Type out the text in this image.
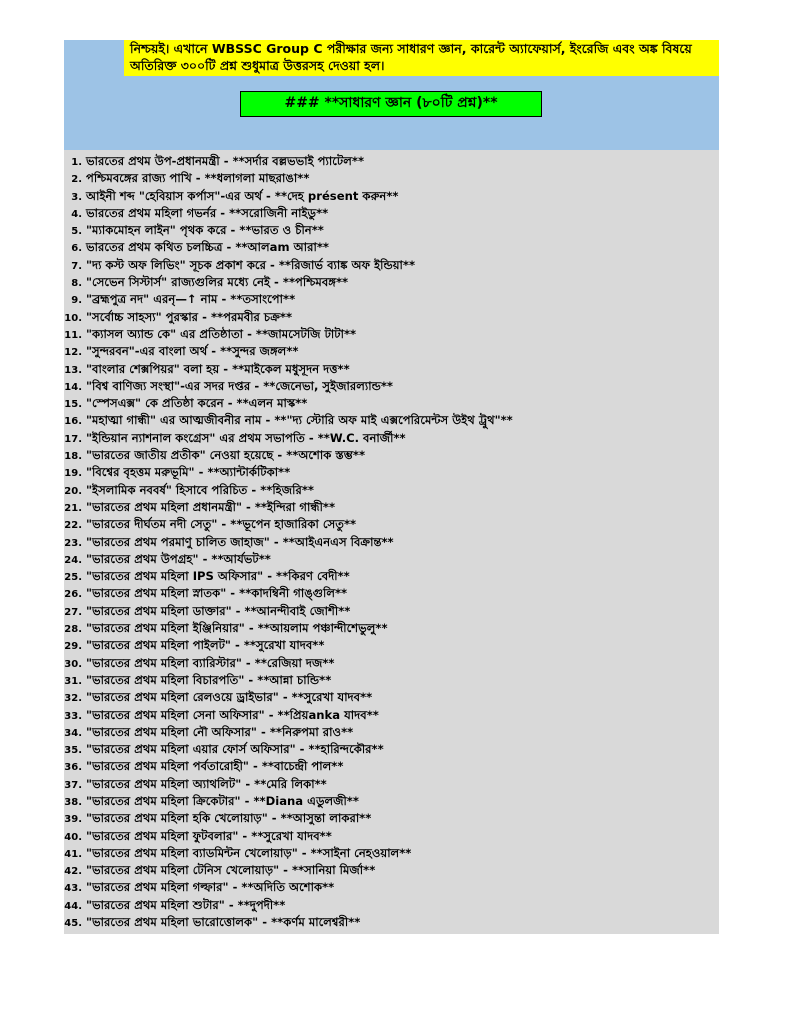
নিশ্চয়ই। এখানে WBSSC Group C পরীক্ষার জন্য সাধারণ জ্ঞান, কারেন্ট অ্যাফেয়ার্স, ইংরেজি এবং অঙ্ক বিষয়ে অতিরিক্ত ৩০০টি প্রশ্ন শুধুমাত্র উত্তরসহ দেওয়া হল।
### **সাধারণ জ্ঞান (৮০টি প্রশ্ন)**
1. ভারতের প্রথম উপ-প্রধানমন্ত্রী - **সর্দার বল্লভভাই প্যাটেল**
2. পশ্চিমবঙ্গের রাজ্য পাখি - **ধলাগলা মাছরাঙা**
3. আইনী শব্দ "হেবিয়াস কর্পাস"-এর অর্থ - **দেহ présent করুন**
4. ভারতের প্রথম মহিলা গভর্নর - **সরোজিনী নাইডু**
5. "ম্যাকমোহন লাইন" পৃথক করে - **ভারত ও চীন**
6. ভারতের প্রথম কথিত চলচ্চিত্র - **আলam আরা**
7. "দ্য কস্ট অফ লিভিং" সূচক প্রকাশ করে - **রিজার্ভ ব্যাঙ্ক অফ ইন্ডিয়া**
8. "সেভেন সিস্টার্স" রাজ্যগুলির মধ্যে নেই - **পশ্চিমবঙ্গ**
9. "ব্রহ্মপুত্র নদ" এরনৃ—↑ নাম - **তসাংপো**
10. "সর্বোচ্চ সাহস্য" পুরস্কার - **পরমবীর চক্র**
11. "ক্যাসল অ্যান্ড কে" এর প্রতিষ্ঠাতা - **জামসেটজি টাটা**
12. "সুন্দরবন"-এর বাংলা অর্থ - **সুন্দর জঙ্গল**
13. "বাংলার শেক্সপিয়র" বলা হয় - **মাইকেল মধুসূদন দত্ত**
14. "বিশ্ব বাণিজ্য সংস্থা"-এর সদর দপ্তর - **জেনেভা, সুইজারল্যান্ড**
15. "স্পেসএক্স" কে প্রতিষ্ঠা করেন - **এলন মাস্ক**
16. "মহাত্মা গান্ধী" এর আত্মজীবনীর নাম - **"দ্য স্টোরি অফ মাই এক্সপেরিমেন্টস উইথ ট্রুথ"**
17. "ইন্ডিয়ান ন্যাশনাল কংগ্রেস" এর প্রথম সভাপতি - **W.C. বনার্জী**
18. "ভারতের জাতীয় প্রতীক" নেওয়া হয়েছে - **অশোক স্তম্ভ**
19. "বিশ্বের বৃহত্তম মরুভূমি" - **অ্যান্টার্কটিকা**
20. "ইসলামিক নববর্ষ" হিসাবে পরিচিত - **হিজরি**
21. "ভারতের প্রথম মহিলা প্রধানমন্ত্রী" - **ইন্দিরা গান্ধী**
22. "ভারতের দীর্ঘতম নদী সেতু" - **ভূপেন হাজারিকা সেতু**
23. "ভারতের প্রথম পরমাণু চালিত জাহাজ" - **আইএনএস বিক্রান্ত**
24. "ভারতের প্রথম উপগ্রহ" - **আর্যভট**
25. "ভারতের প্রথম মহিলা IPS অফিসার" - **কিরণ বেদী**
26. "ভারতের প্রথম মহিলা স্নাতক" - **কাদম্বিনী গাঙ্গুলি**
27. "ভারতের প্রথম মহিলা ডাক্তার" - **আনন্দীবাই জোশী**
28. "ভারতের প্রথম মহিলা ইঞ্জিনিয়ার" - **আয়লাম পঞ্চান্দীশেভুলু**
29. "ভারতের প্রথম মহিলা পাইলট" - **সুরেখা যাদব**
30. "ভারতের প্রথম মহিলা ব্যারিস্টার" - **রেজিয়া দজ**
31. "ভারতের প্রথম মহিলা বিচারপতি" - **আন্না চান্ডি**
32. "ভারতের প্রথম মহিলা রেলওয়ে ড্রাইভার" - **সুরেখা যাদব**
33. "ভারতের প্রথম মহিলা সেনা অফিসার" - **প্রিয়anka যাদব**
34. "ভারতের প্রথম মহিলা নৌ অফিসার" - **নিরুপমা রাও**
35. "ভারতের প্রথম মহিলা এয়ার ফোর্স অফিসার" - **হারিন্দকৌর**
36. "ভারতের প্রথম মহিলা পর্বতারোহী" - **বাচেন্দ্রী পাল**
37. "ভারতের প্রথম মহিলা অ্যাথলিট" - **মেরি লিকা**
38. "ভারতের প্রথম মহিলা ক্রিকেটার" - **Diana এডুলজী**
39. "ভারতের প্রথম মহিলা হকি খেলোয়াড়" - **আসুন্তা লাকরা**
40. "ভারতের প্রথম মহিলা ফুটবলার" - **সুরেখা যাদব**
41. "ভারতের প্রথম মহিলা ব্যাডমিন্টন খেলোয়াড়" - **সাইনা নেহওয়াল**
42. "ভারতের প্রথম মহিলা টেনিস খেলোয়াড়" - **সানিয়া মির্জা**
43. "ভারতের প্রথম মহিলা গল্ফার" - **অদিতি অশোক**
44. "ভারতের প্রথম মহিলা শুটার" - **দুপদী**
45. "ভারতের প্রথম মহিলা ভারোত্তোলক" - **কর্ণম মালেশ্বরী**
